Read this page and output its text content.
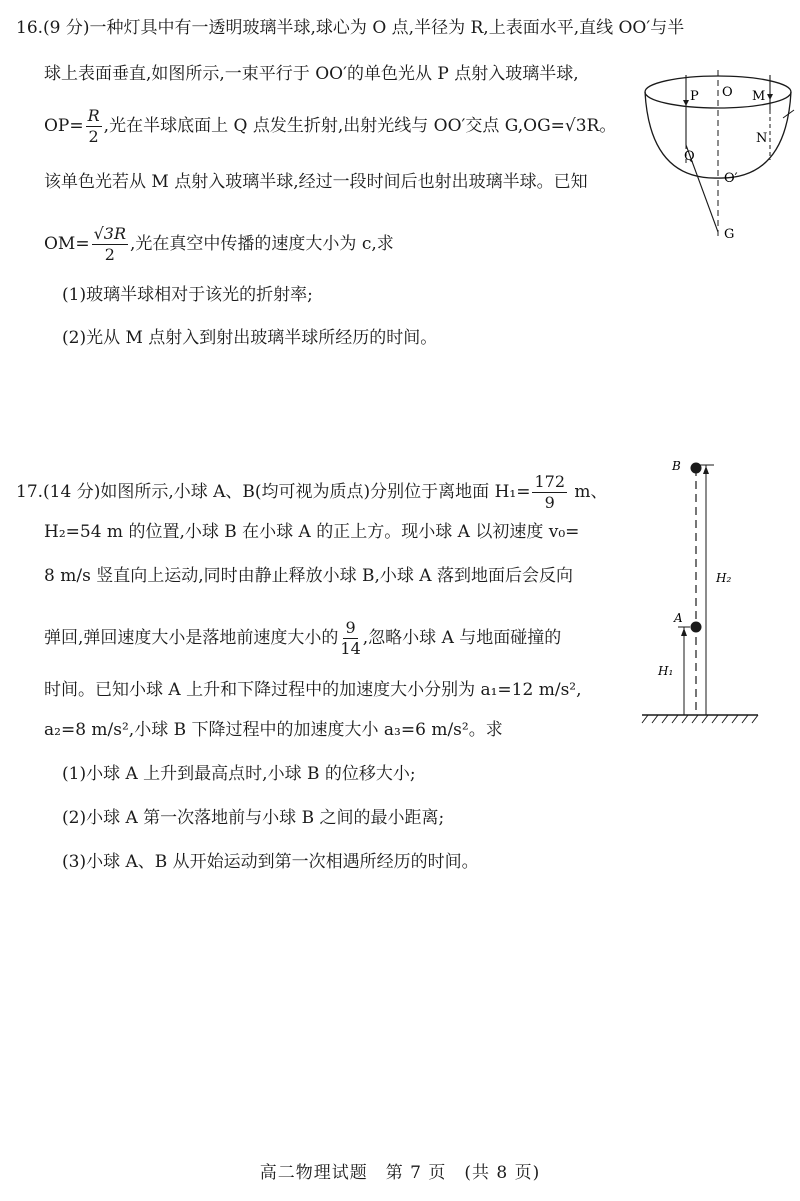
16.(9 分)一种灯具中有一透明玻璃半球,球心为 O 点,半径为 R,上表面水平,直线 OO′与半
球上表面垂直,如图所示,一束平行于 OO′的单色光从 P 点射入玻璃半球,
$OP= \frac{R}{2}$ ,光在半球底面上 Q 点发生折射,出射光线与 OO′交点 G,OG=√3R。
该单色光若从 M 点射入玻璃半球,经过一段时间后也射出玻璃半球。已知
$OM= \frac{√3R}{2}$ ,光在真空中传播的速度大小为 c,求
(1)玻璃半球相对于该光的折射率;
(2)光从 M 点射入到射出玻璃半球所经历的时间。
P O M
N
Q
O′
G
17.(14 分)如图所示,小球 A、B(均可视为质点)分别位于离地面 $H_1= \frac{172}{9}$ m、
H₂=54 m 的位置,小球 B 在小球 A 的正上方。现小球 A 以初速度 v₀=
8 m/s 竖直向上运动,同时由静止释放小球 B,小球 A 落到地面后会反向
弹回,弹回速度大小是落地前速度大小的 $\frac{9}{14}$ ,忽略小球 A 与地面碰撞的
时间。已知小球 A 上升和下降过程中的加速度大小分别为 a₁=12 m/s²,
a₂=8 m/s²,小球 B 下降过程中的加速度大小 a₃=6 m/s²。求
(1)小球 A 上升到最高点时,小球 B 的位移大小;
(2)小球 A 第一次落地前与小球 B 之间的最小距离;
(3)小球 A、B 从开始运动到第一次相遇所经历的时间。
B
A
H₁
H₂
高二物理试题　第 7 页　(共 8 页)
